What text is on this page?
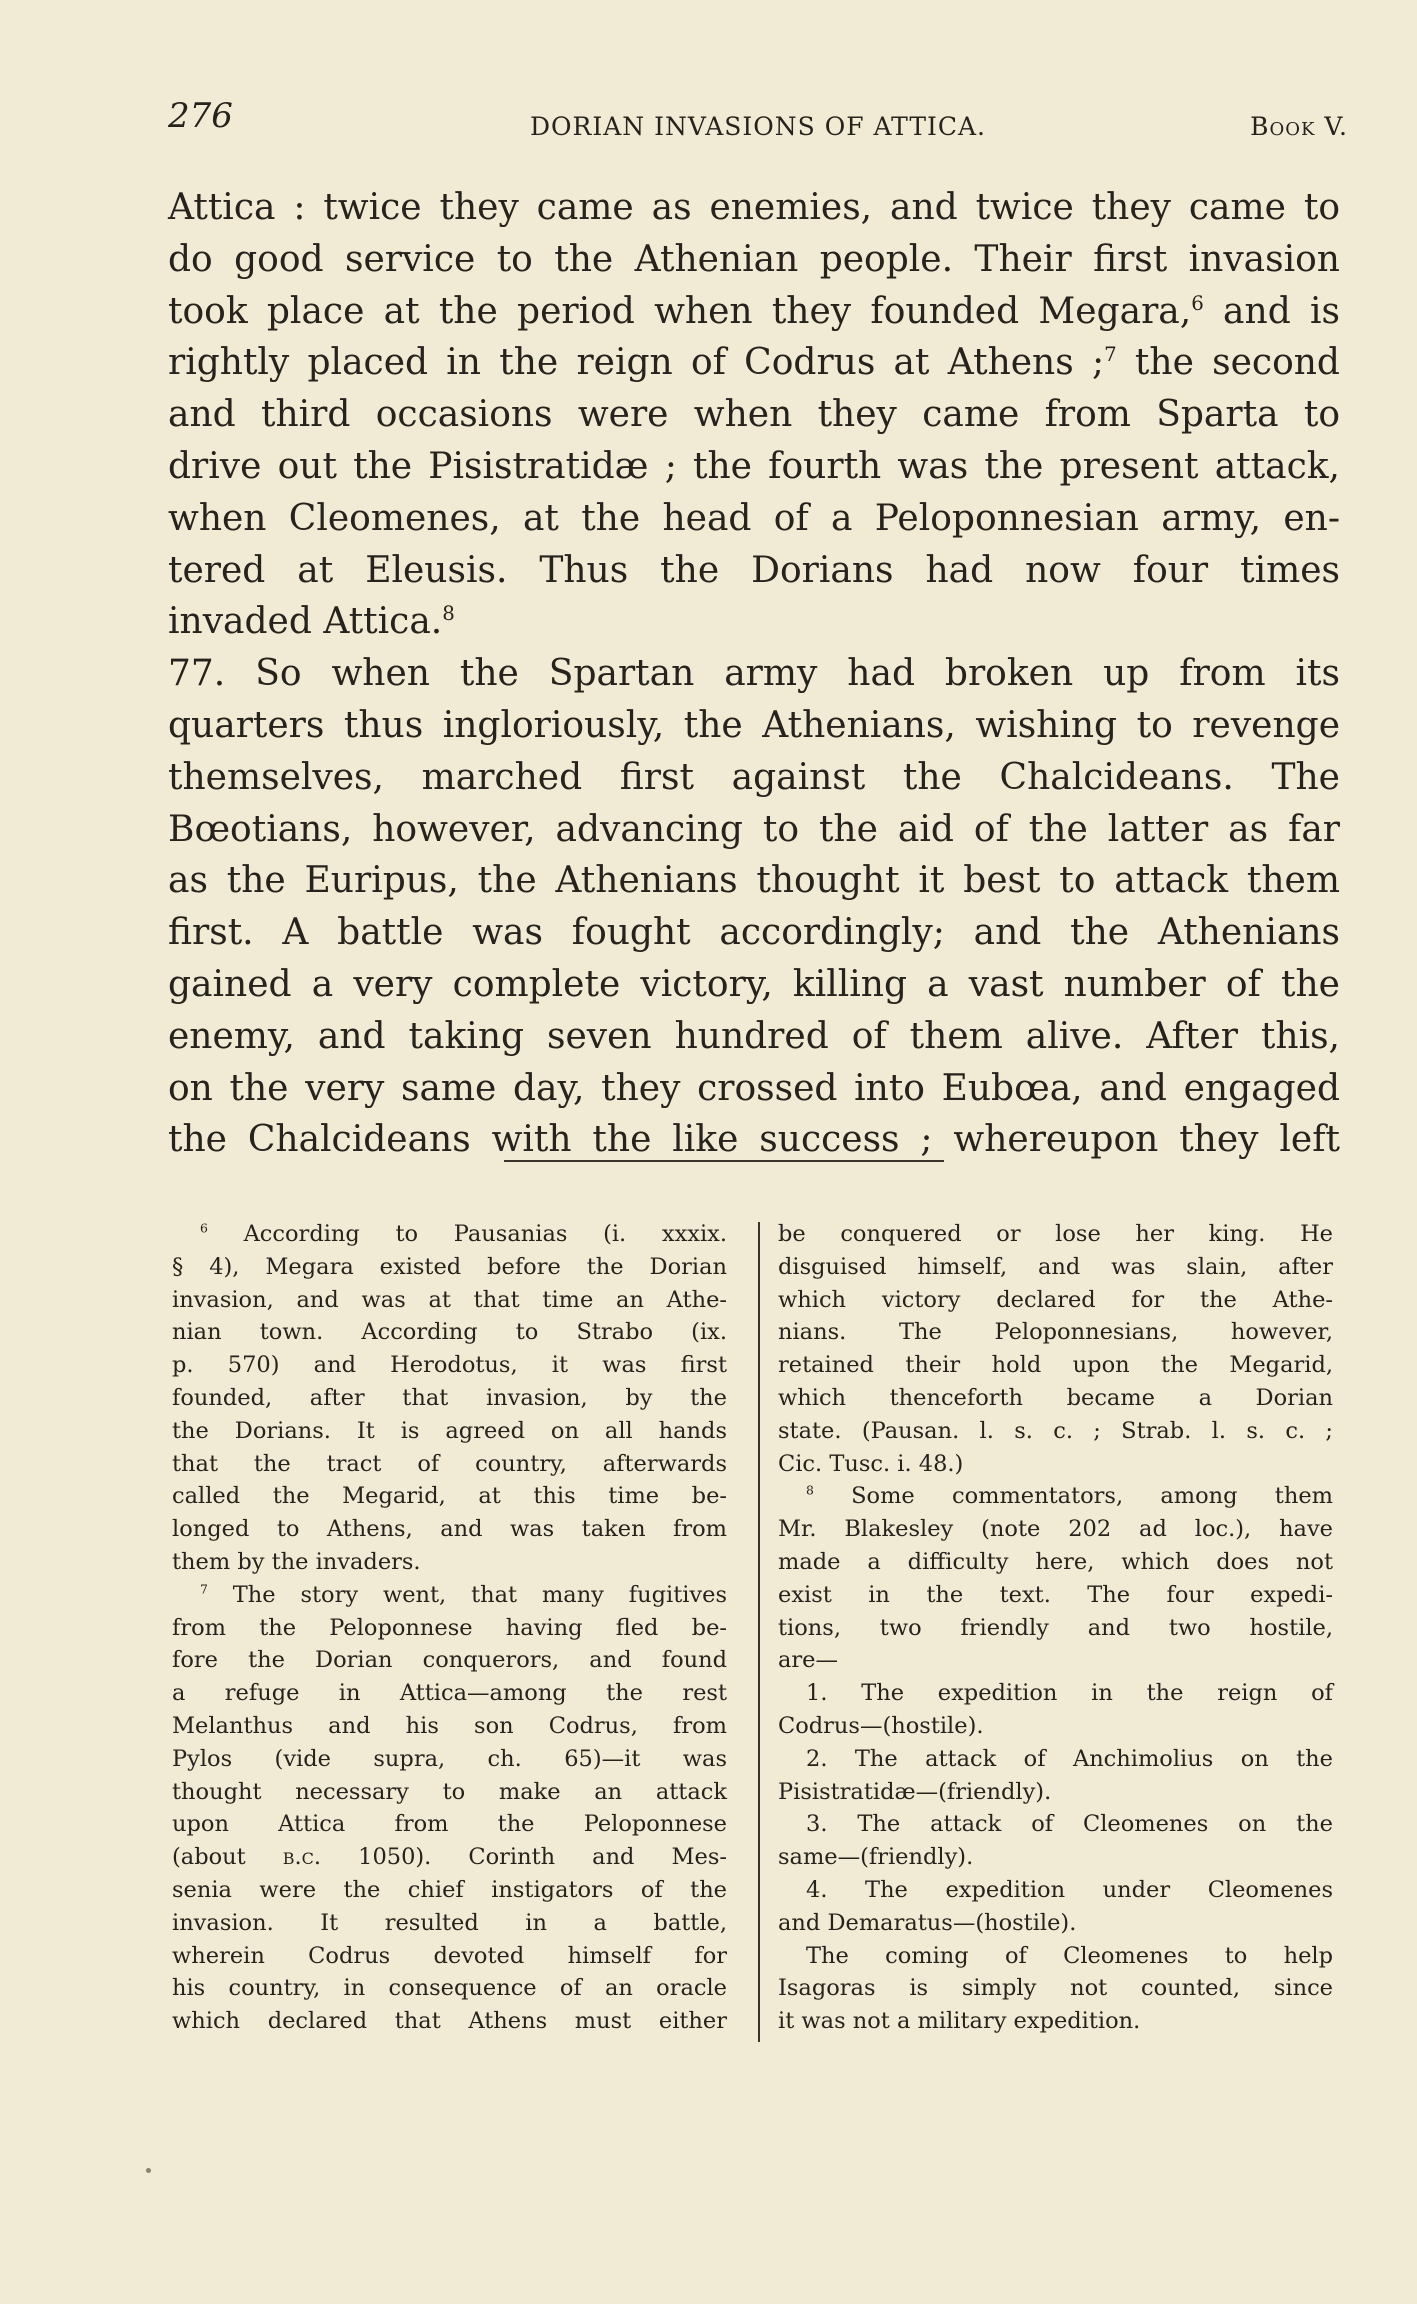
276	DORIAN INVASIONS OF ATTICA.	Book V.
Attica : twice they came as enemies, and twice they came to
do good service to the Athenian people. Their first invasion
took place at the period when they founded Megara,$^6$ and is
rightly placed in the reign of Codrus at Athens ;$^7$ the second
and third occasions were when they came from Sparta to
drive out the Pisistratidæ ; the fourth was the present attack,
when Cleomenes, at the head of a Peloponnesian army, en-
tered at Eleusis. Thus the Dorians had now four times
invaded Attica.$^8$
77. So when the Spartan army had broken up from its
quarters thus ingloriously, the Athenians, wishing to revenge
themselves, marched first against the Chalcideans. The
Bœotians, however, advancing to the aid of the latter as far
as the Euripus, the Athenians thought it best to attack them
first. A battle was fought accordingly; and the Athenians
gained a very complete victory, killing a vast number of the
enemy, and taking seven hundred of them alive. After this,
on the very same day, they crossed into Eubœa, and engaged
the Chalcideans with the like success ; whereupon they left
$^6$ According to Pausanias (i. xxxix.
§ 4), Megara existed before the Dorian
invasion, and was at that time an Athe-
nian town. According to Strabo (ix.
p. 570) and Herodotus, it was first
founded, after that invasion, by the
the Dorians. It is agreed on all hands
that the tract of country, afterwards
called the Megarid, at this time be-
longed to Athens, and was taken from
them by the invaders.
$^7$ The story went, that many fugitives
from the Peloponnese having fled be-
fore the Dorian conquerors, and found
a refuge in Attica—among the rest
Melanthus and his son Codrus, from
Pylos (vide supra, ch. 65)—it was
thought necessary to make an attack
upon Attica from the Peloponnese
(about b.c. 1050). Corinth and Mes-
senia were the chief instigators of the
invasion. It resulted in a battle,
wherein Codrus devoted himself for
his country, in consequence of an oracle
which declared that Athens must either
be conquered or lose her king. He
disguised himself, and was slain, after
which victory declared for the Athe-
nians. The Peloponnesians, however,
retained their hold upon the Megarid,
which thenceforth became a Dorian
state. (Pausan. l. s. c. ; Strab. l. s. c. ;
Cic. Tusc. i. 48.)
$^8$ Some commentators, among them
Mr. Blakesley (note 202 ad loc.), have
made a difficulty here, which does not
exist in the text. The four expedi-
tions, two friendly and two hostile,
are—
1. The expedition in the reign of
Codrus—(hostile).
2. The attack of Anchimolius on the
Pisistratidæ—(friendly).
3. The attack of Cleomenes on the
same—(friendly).
4. The expedition under Cleomenes
and Demaratus—(hostile).
The coming of Cleomenes to help
Isagoras is simply not counted, since
it was not a military expedition.
